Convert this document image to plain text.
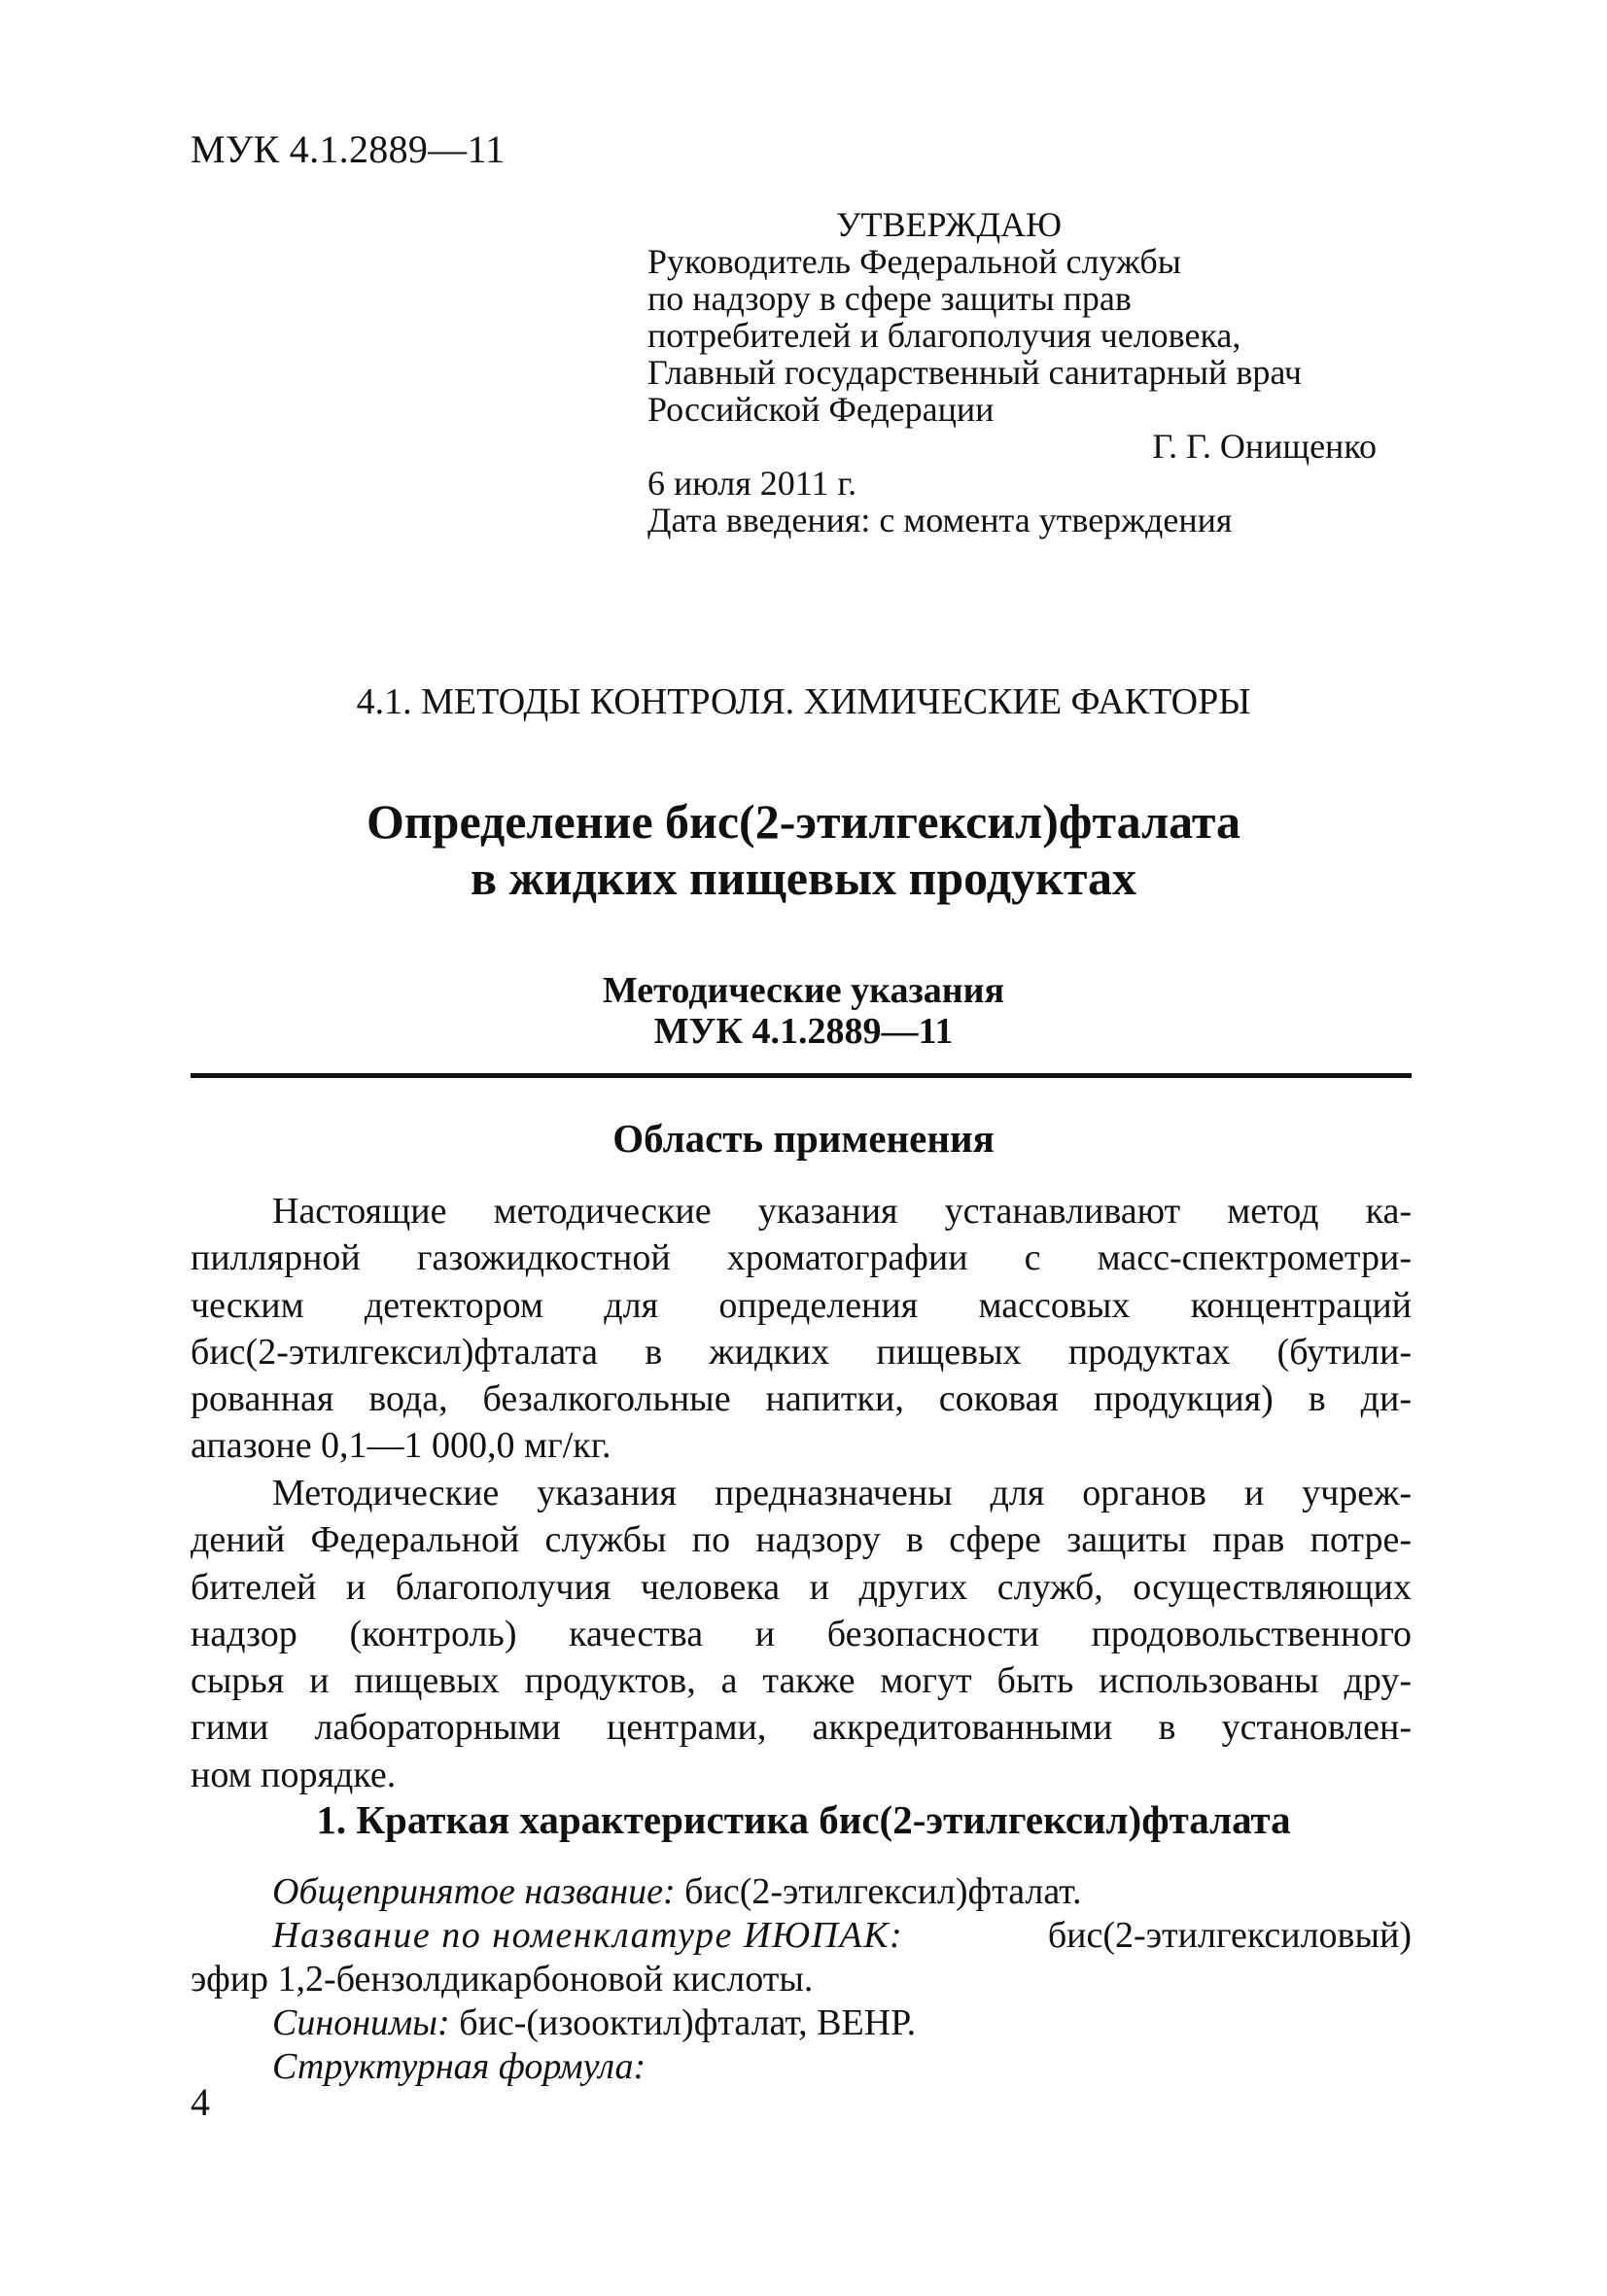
МУК 4.1.2889—11
УТВЕРЖДАЮ
Руководитель Федеральной службы
по надзору в сфере защиты прав
потребителей и благополучия человека,
Главный государственный санитарный врач
Российской Федерации
Г. Г. Онищенко
6 июля 2011 г.
Дата введения: с момента утверждения
4.1. МЕТОДЫ КОНТРОЛЯ. ХИМИЧЕСКИЕ ФАКТОРЫ
Определение бис(2-этилгексил)фталата
в жидких пищевых продуктах
Методические указания
МУК 4.1.2889—11
Область применения
Настоящие методические указания устанавливают метод ка-
пиллярной газожидкостной хроматографии с масс-спектрометри-
ческим детектором для определения массовых концентраций
бис(2-этилгексил)фталата в жидких пищевых продуктах (бутили-
рованная вода, безалкогольные напитки, соковая продукция) в ди-
апазоне 0,1—1 000,0 мг/кг.
Методические указания предназначены для органов и учреж-
дений Федеральной службы по надзору в сфере защиты прав потре-
бителей и благополучия человека и других служб, осуществляющих
надзор (контроль) качества и безопасности продовольственного
сырья и пищевых продуктов, а также могут быть использованы дру-
гими лабораторными центрами, аккредитованными в установлен-
ном порядке.
1. Краткая характеристика бис(2-этилгексил)фталата
Общепринятое название: бис(2-этилгексил)фталат.
Название по номенклатуре ИЮПАК:	бис(2-этилгексиловый)
эфир 1,2-бензолдикарбоновой кислоты.
Синонимы: бис-(изооктил)фталат, ВЕНР.
Структурная формула:
4
